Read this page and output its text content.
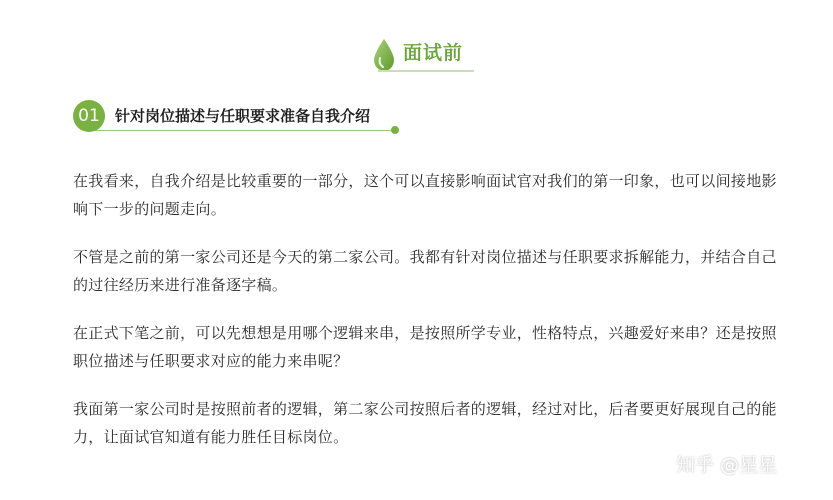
面试前
01	针对岗位描述与任职要求准备自我介绍

在我看来，自我介绍是比较重要的一部分，这个可以直接影响面试官对我们的第一印象，也可以间接地影响下一步的问题走向。

不管是之前的第一家公司还是今天的第二家公司。我都有针对岗位描述与任职要求拆解能力，并结合自己的过往经历来进行准备逐字稿。

在正式下笔之前，可以先想想是用哪个逻辑来串，是按照所学专业，性格特点，兴趣爱好来串？还是按照职位描述与任职要求对应的能力来串呢？

我面第一家公司时是按照前者的逻辑，第二家公司按照后者的逻辑，经过对比，后者要更好展现自己的能力，让面试官知道有能力胜任目标岗位。

知乎 @星星
